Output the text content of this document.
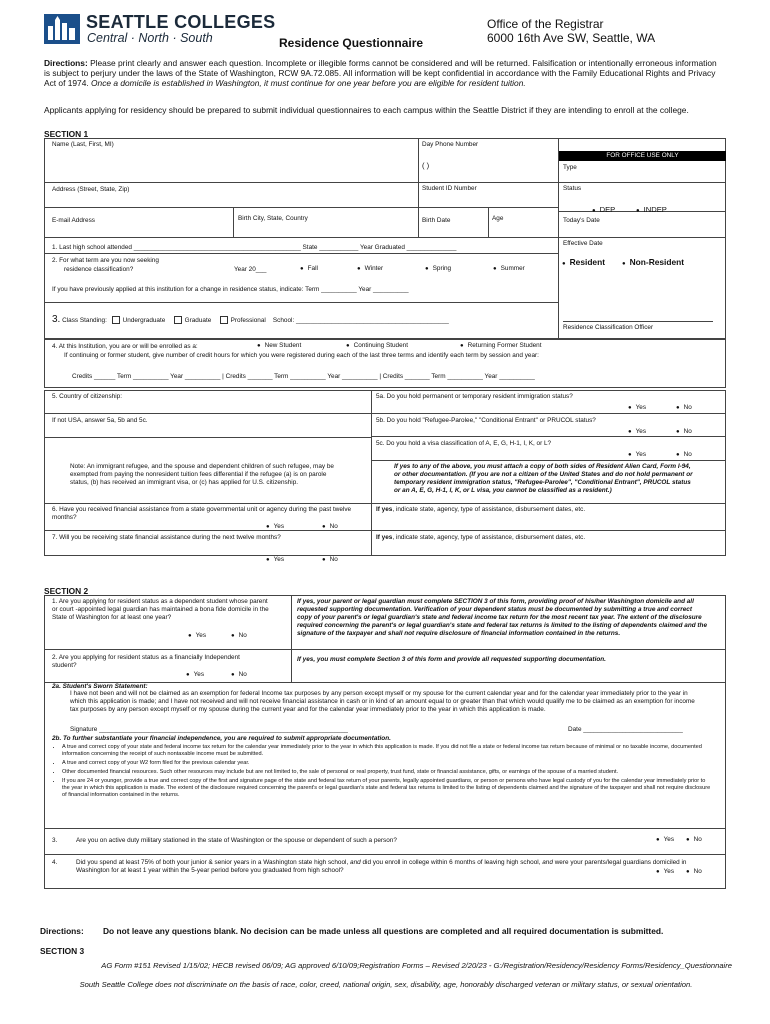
SEATTLE COLLEGES
Central · North · South	Residence Questionnaire
Office of the Registrar
6000 16th Ave SW, Seattle, WA
Directions: Please print clearly and answer each question. Incomplete or illegible forms cannot be considered and will be returned. Falsification or intentionally erroneous information is subject to perjury under the laws of the State of Washington, RCW 9A.72.085. All information will be kept confidential in accordance with the Family Educational Rights and Privacy Act of 1974. Once a domicile is established in Washington, it must continue for one year before you are eligible for resident tuition.
Applicants applying for residency should be prepared to submit individual questionnaires to each campus within the Seattle District if they are intending to enroll at the college.
SECTION 1
Name (Last, First, MI)	Day Phone Number
( )
FOR OFFICE USE ONLY
Type
Address (Street, State, Zip)	Student ID Number	Status
● DEP	● INDEP
E-mail Address	Birth City, State, Country	Birth Date	Age	Today's Date
Effective Date
● Resident	● Non-Resident
1. Last high school attended _______________________________________________ State ___________ Year Graduated ______________
2. For what term are you now seeking
residence classification?	Year 20___	● Fall	● Winter	● Spring	● Summer
If you have previously applied at this institution for a change in residence status, indicate: Term __________ Year __________
3. Class Standing: Undergraduate	Graduate	Professional School: ___________________________________________
Residence Classification Officer
4. At this Institution, you are or will be enrolled as a:	● New Student	● Continuing Student	● Returning Former Student
If continuing or former student, give number of credit hours for which you were registered during each of the last three terms and identify each term by session and year:
Credits ______ Term __________ Year __________ | Credits _______ Term __________ Year __________ | Credits _______ Term __________ Year __________
5. Country of citizenship:	5a. Do you hold permanent or temporary resident immigration status?
● Yes	● No
If not USA, answer 5a, 5b and 5c.	5b. Do you hold "Refugee-Parolee," "Conditional Entrant" or PRUCOL status?
● Yes	● No
5c. Do you hold a visa classification of A, E, G, H-1, I, K, or L?
● Yes	● No
Note: An immigrant refugee, and the spouse and dependent children of such refugee, may be exempted from paying the nonresident tuition fees differential if the refugee (a) is on parole status, (b) has received an immigrant visa, or (c) has applied for U.S. citizenship.
If yes to any of the above, you must attach a copy of both sides of Resident Alien Card, Form I-94, or other documentation. (If you are not a citizen of the United States and do not hold permanent or temporary resident immigration status, "Refugee-Parolee", "Conditional Entrant", PRUCOL status or an A, E, G, H-1, I, K, or L visa, you cannot be classified as a resident.)
6. Have you received financial assistance from a state governmental unit or agency during the past twelve months?
● Yes	● No
If yes, indicate state, agency, type of assistance, disbursement dates, etc.
7. Will you be receiving state financial assistance during the next twelve months?
● Yes	● No
If yes, indicate state, agency, type of assistance, disbursement dates, etc.
SECTION 2
1. Are you applying for resident status as a dependent student whose parent or court -appointed legal guardian has maintained a bona fide domicile in the State of Washington for at least one year?
● Yes	● No
If yes, your parent or legal guardian must complete SECTION 3 of this form, providing proof of his/her Washington domicile and all requested supporting documentation. Verification of your dependent status must be documented by submitting a true and correct copy of your parent's or legal guardian's state and federal income tax return for the most recent tax year. The extent of the disclosure required concerning the parent's or legal guardian's state and federal tax returns is limited to the listing of dependents claimed and the signature of the taxpayer and shall not require disclosure of financial information contained in the returns.
2. Are you applying for resident status as a financially Independent student?
● Yes	● No
If yes, you must complete Section 3 of this form and provide all requested supporting documentation.
2a. Student's Sworn Statement:
I have not been and will not be claimed as an exemption for federal Income tax purposes by any person except myself or my spouse for the current calendar year and for the calendar year immediately prior to the year in which this application is made; and I have not received and will not receive financial assistance in cash or in kind of an amount equal to or greater than that which would qualify me to be claimed as an exemption for income tax purposes by any person except myself or my spouse during the current year and for the calendar year immediately prior to the year in which this application is made.
Signature ______________________________________________________________________	Date ____________________________
2b. To further substantiate your financial independence, you are required to submit appropriate documentation.
• A true and correct copy of your state and federal income tax return for the calendar year immediately prior to the year in which this application is made. If you did not file a state or federal income tax return because of minimal or no taxable income, documented information concerning the receipt of such nontaxable income must be submitted.
• A true and correct copy of your W2 form filed for the previous calendar year.
• Other documented financial resources. Such other resources may include but are not limited to, the sale of personal or real property, trust fund, state or financial assistance, gifts, or earnings of the spouse of a married student.
• If you are 24 or younger, provide a true and correct copy of the first and signature page of the state and federal tax return of your parents, legally appointed guardians, or person or persons who have legal custody of you for the calendar year immediately prior to the year in which this application is made. The extent of the disclosure required concerning the parent's or legal guardian's state and federal tax returns is limited to the listing of dependents claimed and the signature of the taxpayer and shall not require disclosure of financial information contained in the returns.
3.	Are you on active duty military stationed in the state of Washington or the spouse or dependent of such a person?	● Yes ● No
4.	Did you spend at least 75% of both your junior & senior years in a Washington state high school, and did you enroll in college within 6 months of leaving high school, and were your parents/legal guardians domiciled in Washington for at least 1 year within the 5-year period before you graduated from high school?	● Yes ● No
Directions: Do not leave any questions blank. No decision can be made unless all questions are completed and all required documentation is submitted.
SECTION 3
AG Form #151 Revised 1/15/02; HECB revised 06/09; AG approved 6/10/09;Registration Forms – Revised 2/20/23 - G:/Registration/Residency/Residency Forms/Residency_Questionnaire
South Seattle College does not discriminate on the basis of race, color, creed, national origin, sex, disability, age, honorably discharged veteran or military status, or sexual orientation.
